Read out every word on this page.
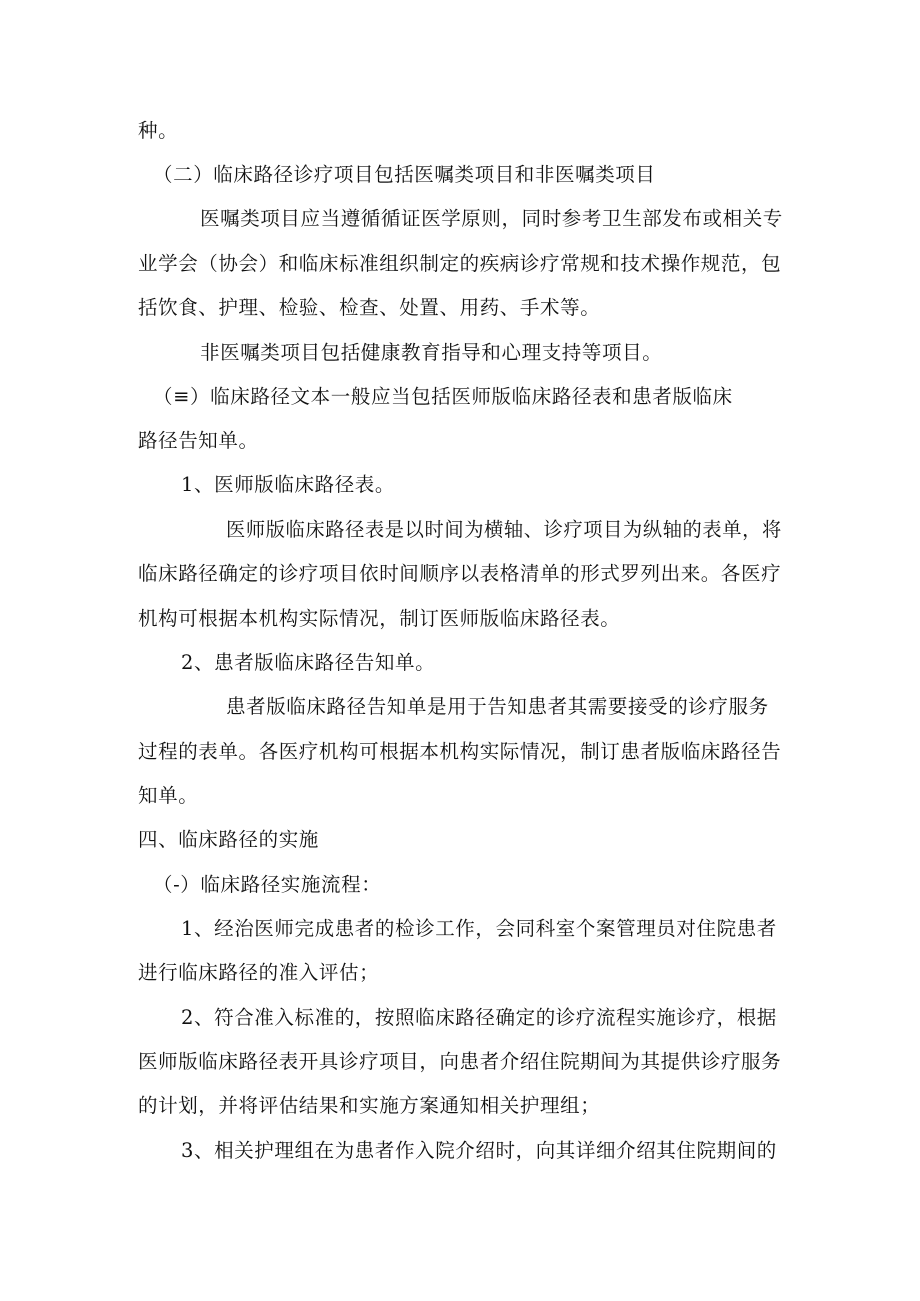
种。
（二）临床路径诊疗项目包括医嘱类项目和非医嘱类项目
医嘱类项目应当遵循循证医学原则，同时参考卫生部发布或相关专
业学会（协会）和临床标准组织制定的疾病诊疗常规和技术操作规范，包
括饮食、护理、检验、检查、处置、用药、手术等。
非医嘱类项目包括健康教育指导和心理支持等项目。
（≡）临床路径文本一般应当包括医师版临床路径表和患者版临床
路径告知单。
1、医师版临床路径表。
医师版临床路径表是以时间为横轴、诊疗项目为纵轴的表单，将
临床路径确定的诊疗项目依时间顺序以表格清单的形式罗列出来。各医疗
机构可根据本机构实际情况，制订医师版临床路径表。
2、患者版临床路径告知单。
患者版临床路径告知单是用于告知患者其需要接受的诊疗服务
过程的表单。各医疗机构可根据本机构实际情况，制订患者版临床路径告
知单。
四、临床路径的实施
（-）临床路径实施流程：
1、经治医师完成患者的检诊工作，会同科室个案管理员对住院患者
进行临床路径的准入评估；
2、符合准入标准的，按照临床路径确定的诊疗流程实施诊疗，根据
医师版临床路径表开具诊疗项目，向患者介绍住院期间为其提供诊疗服务
的计划，并将评估结果和实施方案通知相关护理组；
3、相关护理组在为患者作入院介绍时，向其详细介绍其住院期间的
